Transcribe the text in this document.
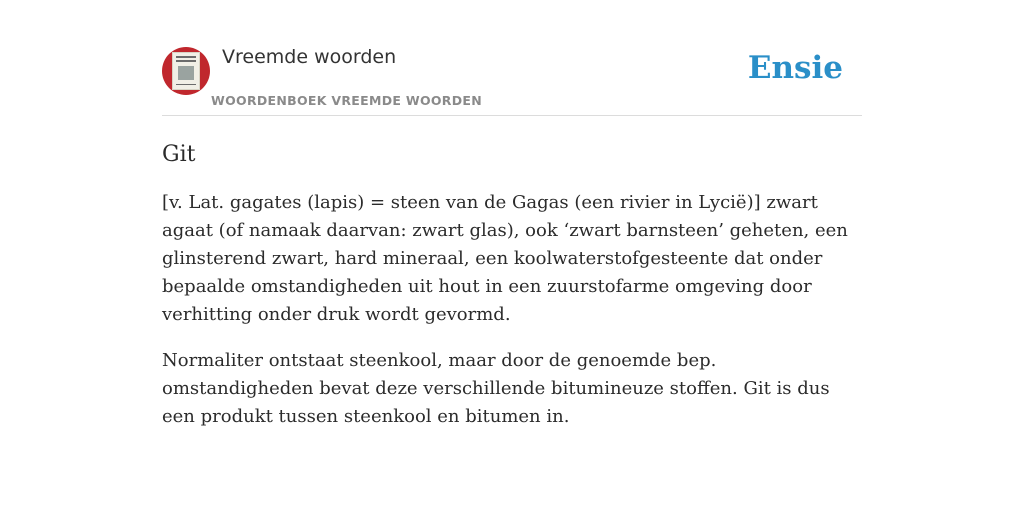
Vreemde woorden
WOORDENBOEK VREEMDE WOORDEN
Ensie
Git

[v. Lat. gagates (lapis) = steen van de Gagas (een rivier in Lycië)] zwart agaat (of namaak daarvan: zwart glas), ook ‘zwart barnsteen’ geheten, een glinsterend zwart, hard mineraal, een koolwaterstofgesteente dat onder bepaalde omstandigheden uit hout in een zuurstofarme omgeving door verhitting onder druk wordt gevormd.

Normaliter ontstaat steenkool, maar door de genoemde bep. omstandigheden bevat deze verschillende bitumineuze stoffen. Git is dus een produkt tussen steenkool en bitumen in.
